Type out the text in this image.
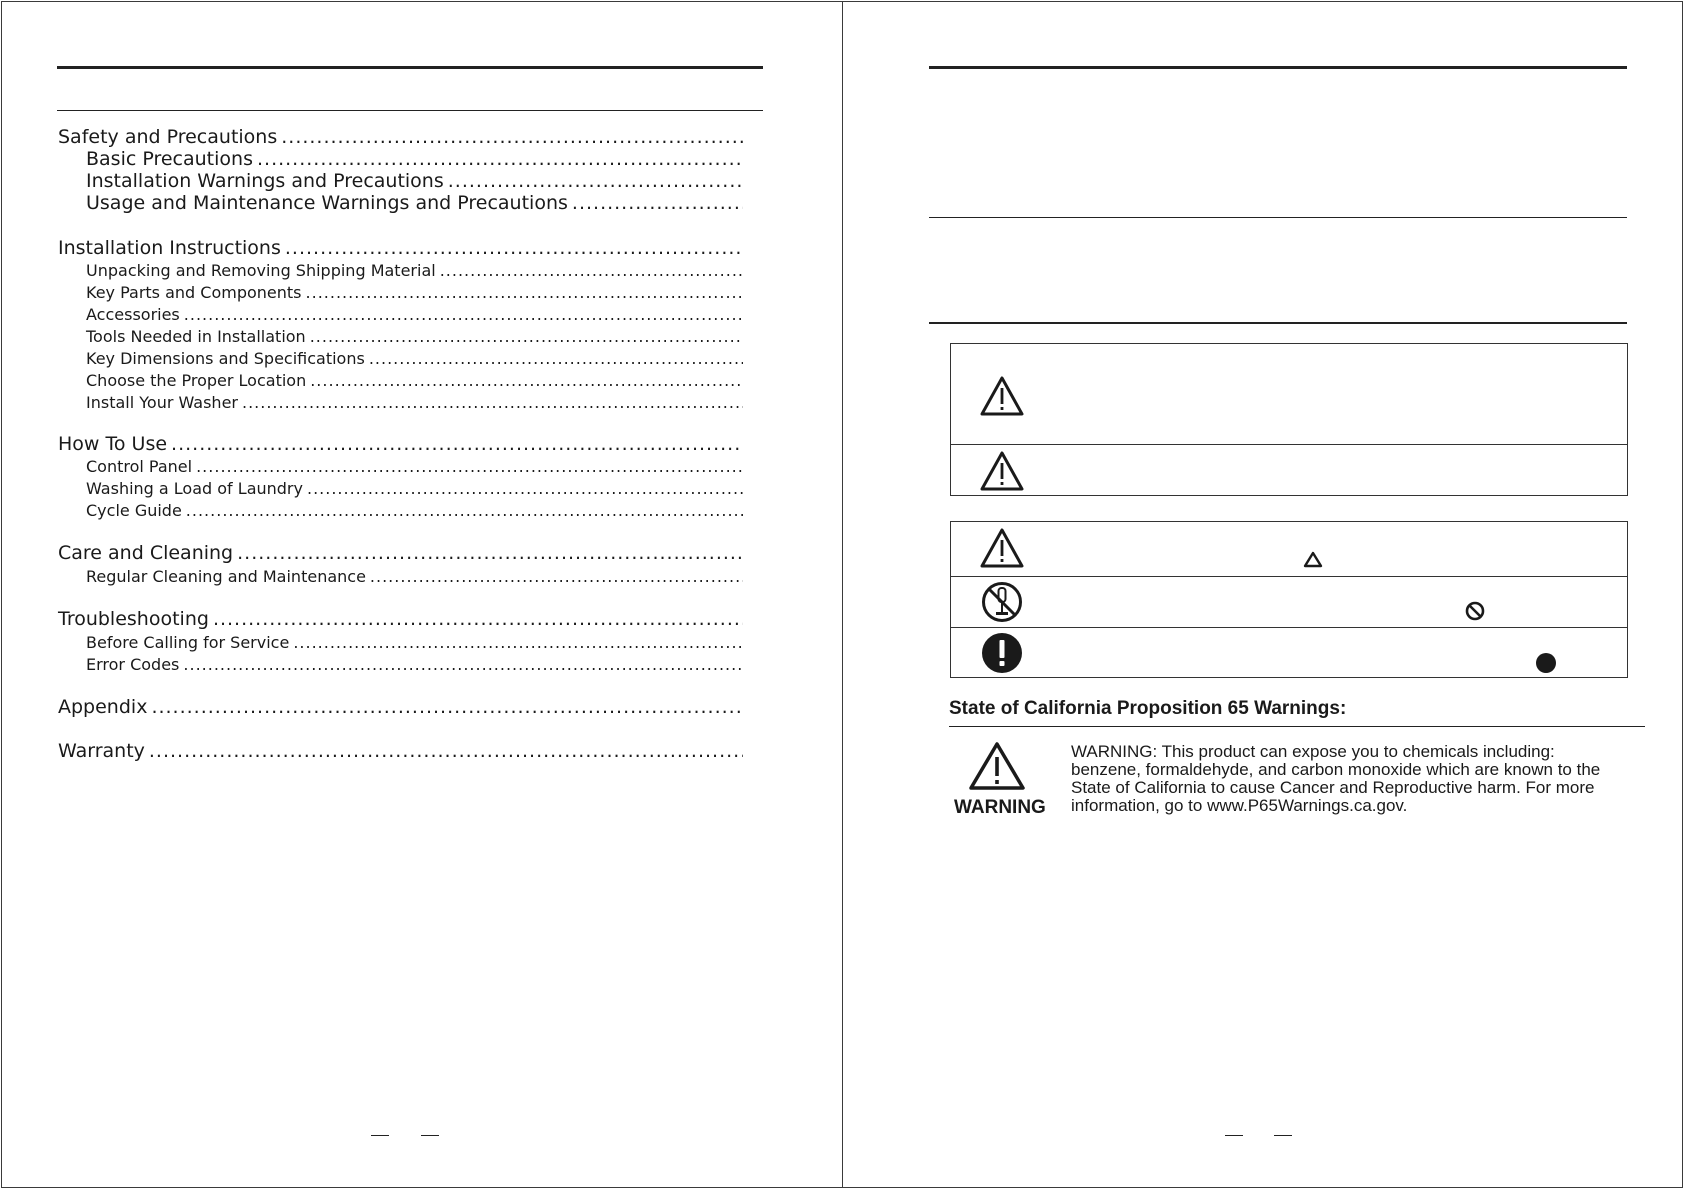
Safety and Precautions
.....
Basic Precautions
.....
Installation Warnings and Precautions
.....
Usage and Maintenance Warnings and Precautions
.....
Installation Instructions
.....
Unpacking and Removing Shipping Material
.....
Key Parts and Components
.....
Accessories
.....
Tools Needed in Installation
.....
Key Dimensions and Specifications
.....
Choose the Proper Location
.....
Install Your Washer
.....
How To Use
.....
Control Panel
.....
Washing a Load of Laundry
.....
Cycle Guide
.....
Care and Cleaning
.....
Regular Cleaning and Maintenance
.....
Troubleshooting
.....
Before Calling for Service
.....
Error Codes
.....
Appendix
.....
Warranty
.....
State of California Proposition 65 Warnings:
WARNING
WARNING: This product can expose you to chemicals including:
benzene, formaldehyde, and carbon monoxide which are known to the
State of California to cause Cancer and Reproductive harm. For more
information, go to www.P65Warnings.ca.gov.
